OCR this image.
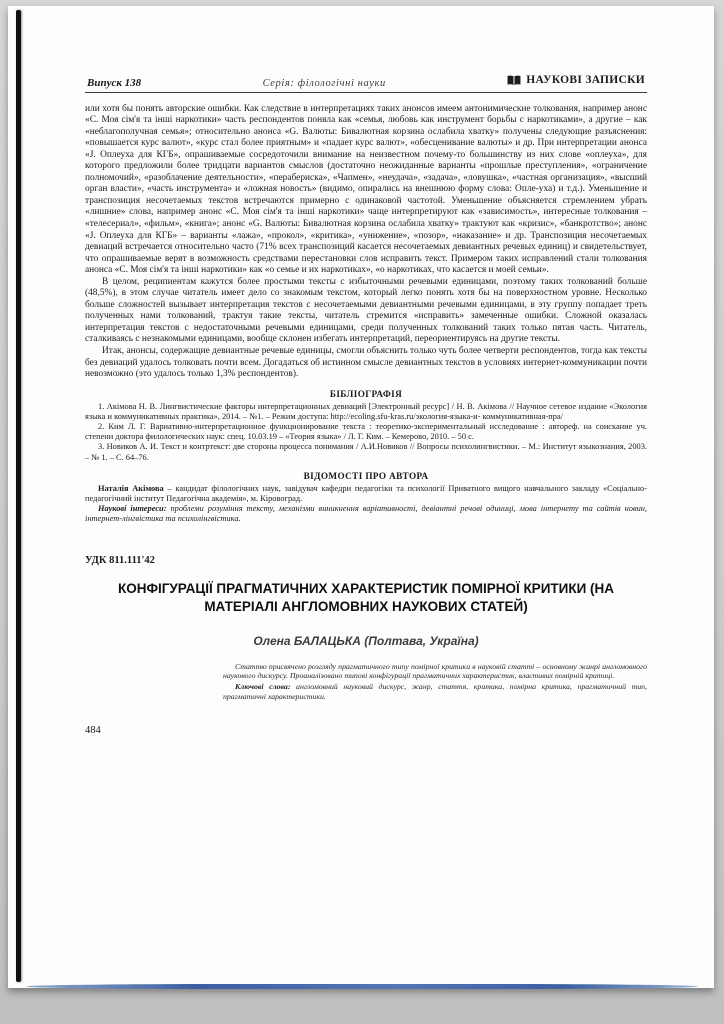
Випуск 138	Серія: філологічні науки	НАУКОВІ ЗАПИСКИ

или хотя бы понять авторские ошибки. Как следствие в интерпретациях таких анонсов имеем антонимические толкования, например анонс «С. Моя сім'я та інші наркотики» часть респондентов поняла как «семья, любовь как инструмент борьбы с наркотиками», а другие – как «неблагополучная семья»; относительно анонса «G. Валюты: Бивалютная корзина ослабила хватку» получены следующие разъяснения: «повышается курс валют», «курс стал более приятным» и «падает курс валют», «обесценивание валюты» и др. При интерпретации анонса «J. Оплеуха для КГБ», опрашиваемые сосредоточили внимание на неизвестном почему-то большинству из них слове «оплеуха», для которого предложили более тридцати вариантов смыслов (достаточно неожиданные варианты «прошлые преступления», «ограничение полномочий», «разоблачение деятельности», «перабериска», «Чапмен», «неудача», «задача», «ловушка», «частная организация», «высший орган власти», «часть инструмента» и «ложная новость» (видимо, опирались на внешнюю форму слова: Опле-уха) и т.д.). Уменьшение и транспозиция несочетаемых текстов встречаются примерно с одинаковой частотой. Уменьшение объясняется стремлением убрать «лишние» слова, например анонс «С. Моя сім'я та інші наркотики» чаще интерпретируют как «зависимость», интересные толкования – «телесериал», «фильм», «книга»; анонс «G. Валюты: Бивалютная корзина ослабила хватку» трактуют как «кризис», «банкротство»; анонс «J. Оплеуха для КГБ» – варианты «лажа», «прокол», «критика», «унижение», «позор», «наказание» и др. Транспозиция несочетаемых девиаций встречается относительно часто (71% всех транспозиций касается несочетаемых девиантных речевых единиц) и свидетельствует, что опрашиваемые верят в возможность средствами перестановки слов исправить текст. Примером таких исправлений стали толкования анонса «С. Моя сім'я та інші наркотики» как «о семье и их наркотиках», «о наркотиках, что касается и моей семьи».

В целом, реципиентам кажутся более простыми тексты с избыточными речевыми единицами, поэтому таких толкований больше (48,5%), в этом случае читатель имеет дело со знакомым текстом, который легко понять хотя бы на поверхностном уровне. Несколько больше сложностей вызывает интерпретация текстов с несочетаемыми девиантными речевыми единицами, в эту группу попадает треть полученных нами толкований, трактуя такие тексты, читатель стремится «исправить» замеченные ошибки. Сложной оказалась интерпретация текстов с недостаточными речевыми единицами, среди полученных толкований таких только пятая часть. Читатель, сталкиваясь с незнакомыми единицами, вообще склонен избегать интерпретаций, переориентируясь на другие тексты.

Итак, анонсы, содержащие девиантные речевые единицы, смогли объяснить только чуть более четверти респондентов, тогда как тексты без девиаций удалось толковать почти всем. Догадаться об истинном смысле девиантных текстов в условиях интернет-коммуникации почти невозможно (это удалось только 1,3% респондентов).

БІБЛІОГРАФІЯ

1. Акімова Н. В. Лингвистические факторы интерпретационных девиаций [Электронный ресурс] / Н. В. Акімова // Научное сетевое издание «Экология языка и коммуникативных практика», 2014. – №1. – Режим доступа: http://ecoling.sfu-kras.ru/экология-языка-и- коммуникативная-пра/

2. Ким Л. Г. Вариативно-интерпретационное функционирование текста : теоретико-экспериментальный исследование : автореф. на соискание уч. степени доктора филологических наук: спец. 10.03.19 – «Теория языка» / Л. Г. Ким. – Кемерово, 2010. – 50 с.

3. Новиков А. И. Текст и контртекст: две стороны процесса понимания / А.И.Новиков // Вопросы психолингвистики. – М.: Институт языкознания, 2003. – № 1. – С. 64–76.

ВІДОМОСТІ ПРО АВТОРА

Наталія Акімова – кандидат філологічних наук, завідувач кафедри педагогіки та психології Приватного вищого навчального закладу «Соціально-педагогічний інститут Педагогічна академія», м. Кіровоград.

Наукові інтереси: проблеми розуміння тексту, механізми виникнення варіативності, девіантні речові одиниці, мова інтернету та сайтів новин, інтернет-лінгвістика та психолінгвістика.

УДК 811.111'42

КОНФІГУРАЦІЇ ПРАГМАТИЧНИХ ХАРАКТЕРИСТИК ПОМІРНОЇ КРИТИКИ (НА МАТЕРІАЛІ АНГЛОМОВНИХ НАУКОВИХ СТАТЕЙ)
Олена БАЛАЦЬКА (Полтава, Україна)

Статтю присвячено розгляду прагматичного типу помірної критики в науковій статті – основному жанрі англомовного наукового дискурсу. Проаналізовано типові конфігурації прагматичних характеристик, властивих помірній критиці.

Ключові слова: англомовний науковий дискурс, жанр, стаття, критика, помірна критика, прагматичний тип, прагматичні характеристики.

484
